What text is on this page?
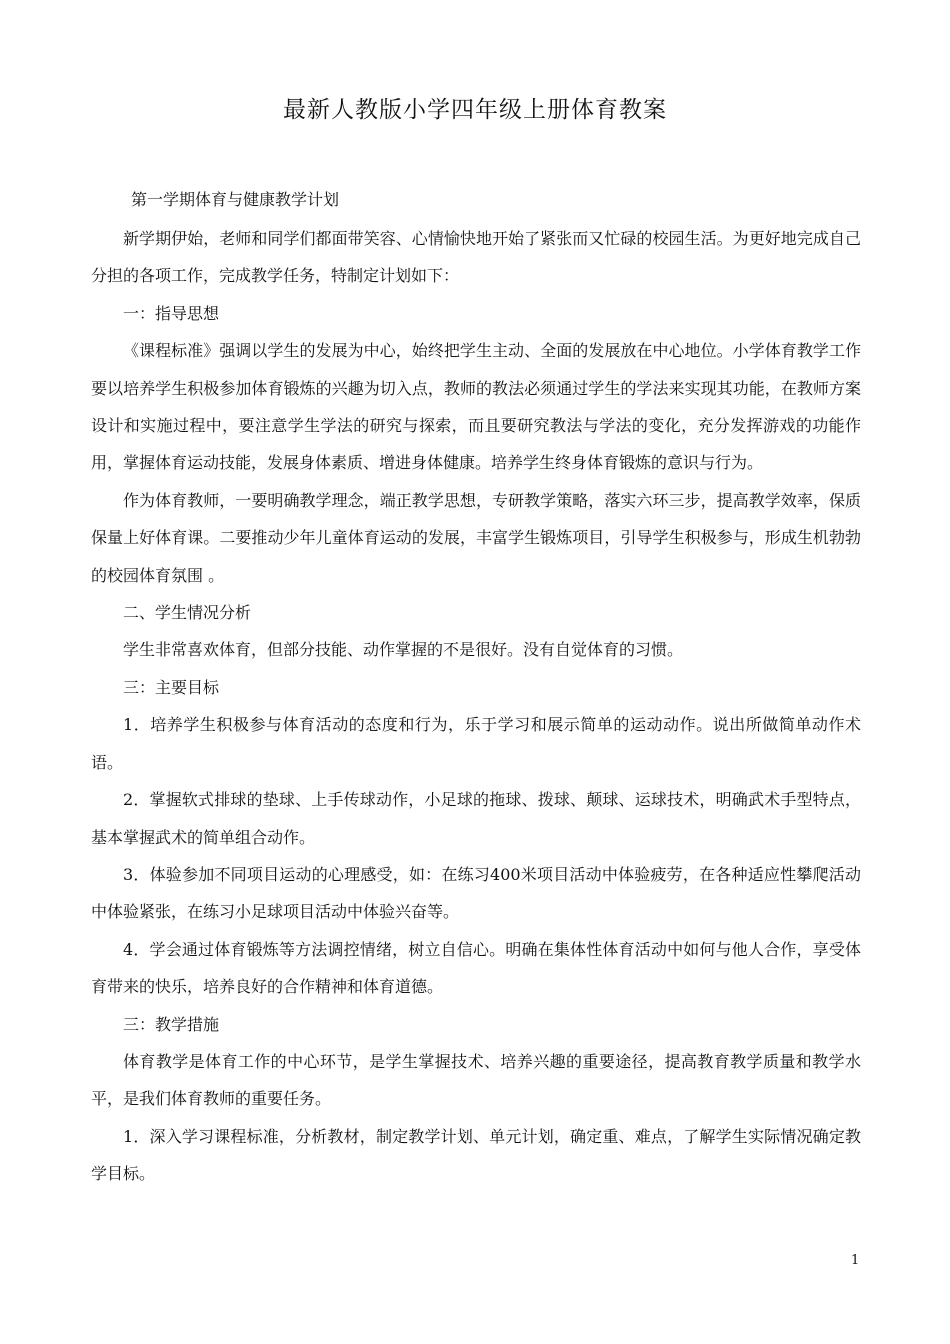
最新人教版小学四年级上册体育教案
第一学期体育与健康教学计划

新学期伊始，老师和同学们都面带笑容、心情愉快地开始了紧张而又忙碌的校园生活。为更好地完成自己分担的各项工作，完成教学任务，特制定计划如下：

一：指导思想

《课程标准》强调以学生的发展为中心，始终把学生主动、全面的发展放在中心地位。小学体育教学工作要以培养学生积极参加体育锻炼的兴趣为切入点，教师的教法必须通过学生的学法来实现其功能，在教师方案设计和实施过程中，要注意学生学法的研究与探索，而且要研究教法与学法的变化，充分发挥游戏的功能作用，掌握体育运动技能，发展身体素质、增进身体健康。培养学生终身体育锻炼的意识与行为。

作为体育教师，一要明确教学理念，端正教学思想，专研教学策略，落实六环三步，提高教学效率，保质保量上好体育课。二要推动少年儿童体育运动的发展，丰富学生锻炼项目，引导学生积极参与，形成生机勃勃的校园体育氛围 。

二、学生情况分析

学生非常喜欢体育，但部分技能、动作掌握的不是很好。没有自觉体育的习惯。

三：主要目标

1．培养学生积极参与体育活动的态度和行为，乐于学习和展示简单的运动动作。说出所做简单动作术语。

2．掌握软式排球的垫球、上手传球动作，小足球的拖球、拨球、颠球、运球技术，明确武术手型特点，基本掌握武术的简单组合动作。

3．体验参加不同项目运动的心理感受，如：在练习400米项目活动中体验疲劳，在各种适应性攀爬活动中体验紧张，在练习小足球项目活动中体验兴奋等。

4．学会通过体育锻炼等方法调控情绪，树立自信心。明确在集体性体育活动中如何与他人合作，享受体育带来的快乐，培养良好的合作精神和体育道德。

三：教学措施

体育教学是体育工作的中心环节，是学生掌握技术、培养兴趣的重要途径，提高教育教学质量和教学水平，是我们体育教师的重要任务。

1．深入学习课程标准，分析教材，制定教学计划、单元计划，确定重、难点，了解学生实际情况确定教学目标。

1
